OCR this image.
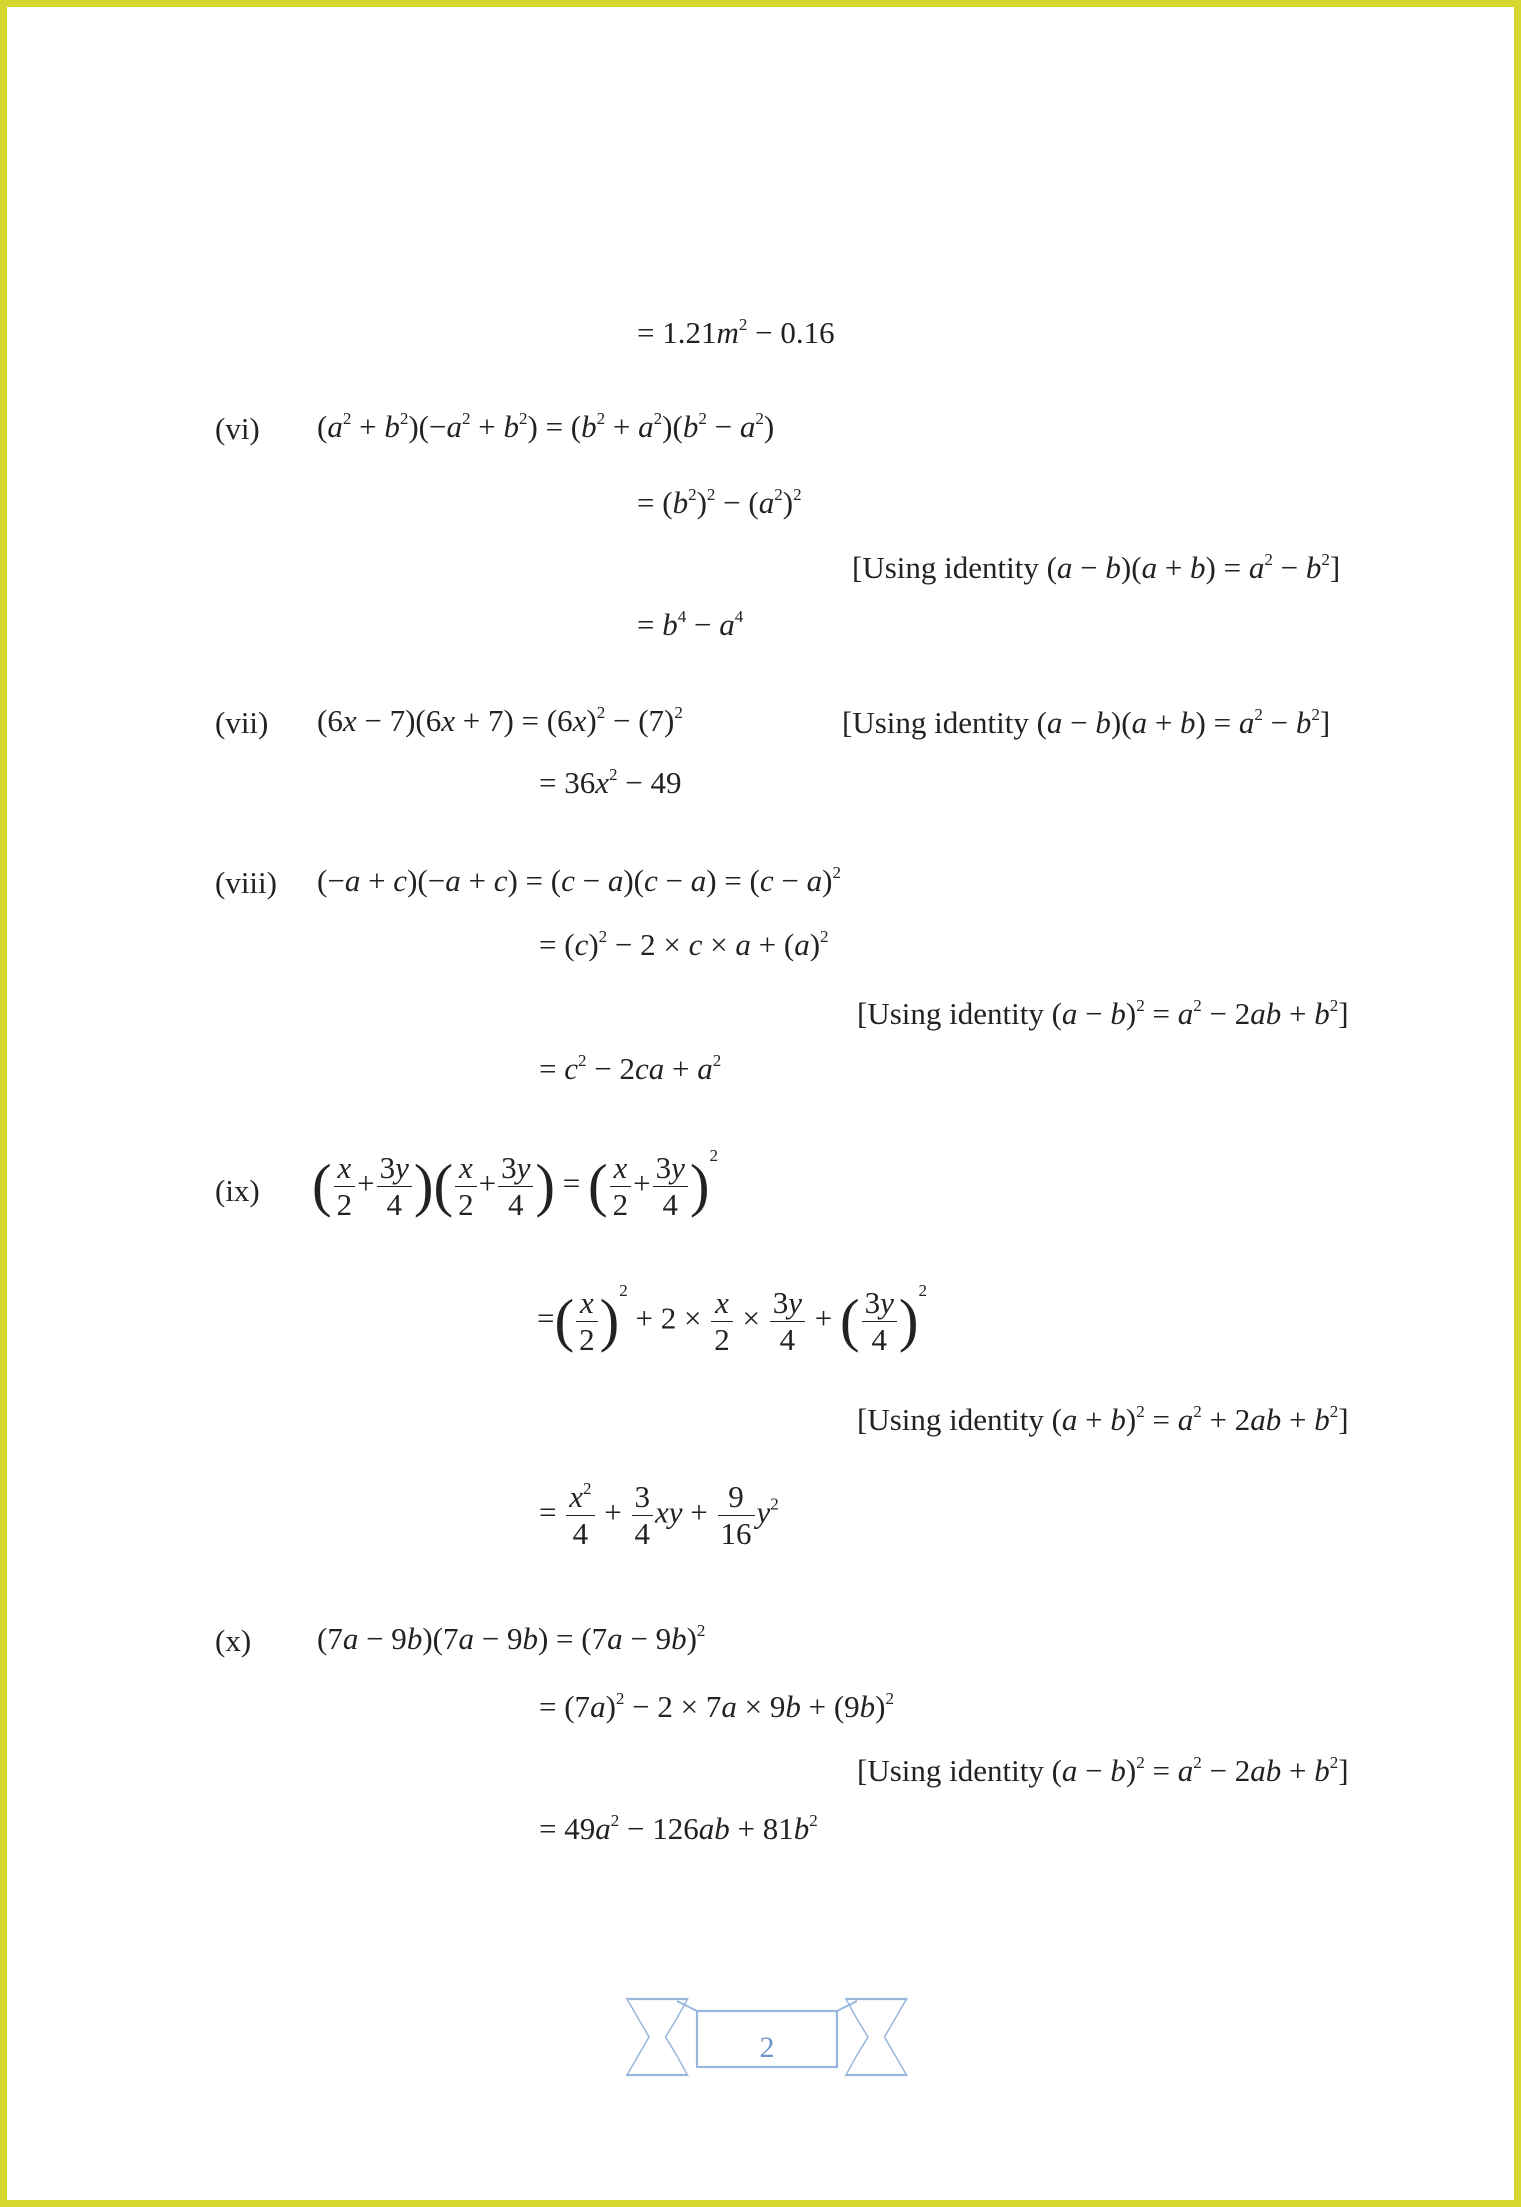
= $1.21m^2 - 0.16$
(vi) $(a^2 + b^2)(-a^2 + b^2) = (b^2 + a^2)(b^2 - a^2)$
= $(b^2)^2 - (a^2)^2$
[Using identity $(a - b)(a + b) = a^2 - b^2$]
= $b^4 - a^4$
(vii) $(6x - 7)(6x + 7) = (6x)^2 - (7)^2$	[Using identity $(a - b)(a + b) = a^2 - b^2$]
= $36x^2 - 49$
(viii) $(-a + c)(-a + c) = (c - a)(c - a) = (c - a)^2$
= $(c)^2 - 2 \times c \times a + (a)^2$
[Using identity $(a - b)^2 = a^2 - 2ab + b^2$]
= $c^2 - 2ca + a^2$
(ix) ( $\frac{x}{2} + \frac{3y}{4}$ )( $\frac{x}{2} + \frac{3y}{4}$ ) = ( $\frac{x}{2} + \frac{3y}{4} )^2$
=( $\frac{x}{2} )^2 + 2 \times \frac{x}{2} \times \frac{3y}{4}$ + ( $\frac{3y}{4} )^2$
[Using identity $(a + b)^2 = a^2 + 2ab + b^2$]
= $\frac{x^2}{4} + \frac{3}{4}$ xy + $\frac{9}{16} y^2$
(x) $(7a - 9b)(7a - 9b) = (7a - 9b)^2$
= $(7a)^2 - 2 \times 7a \times 9b + (9b)^2$
[Using identity $(a - b)^2 = a^2 - 2ab + b^2$]
= $49a^2 - 126ab + 81b^2$
2
